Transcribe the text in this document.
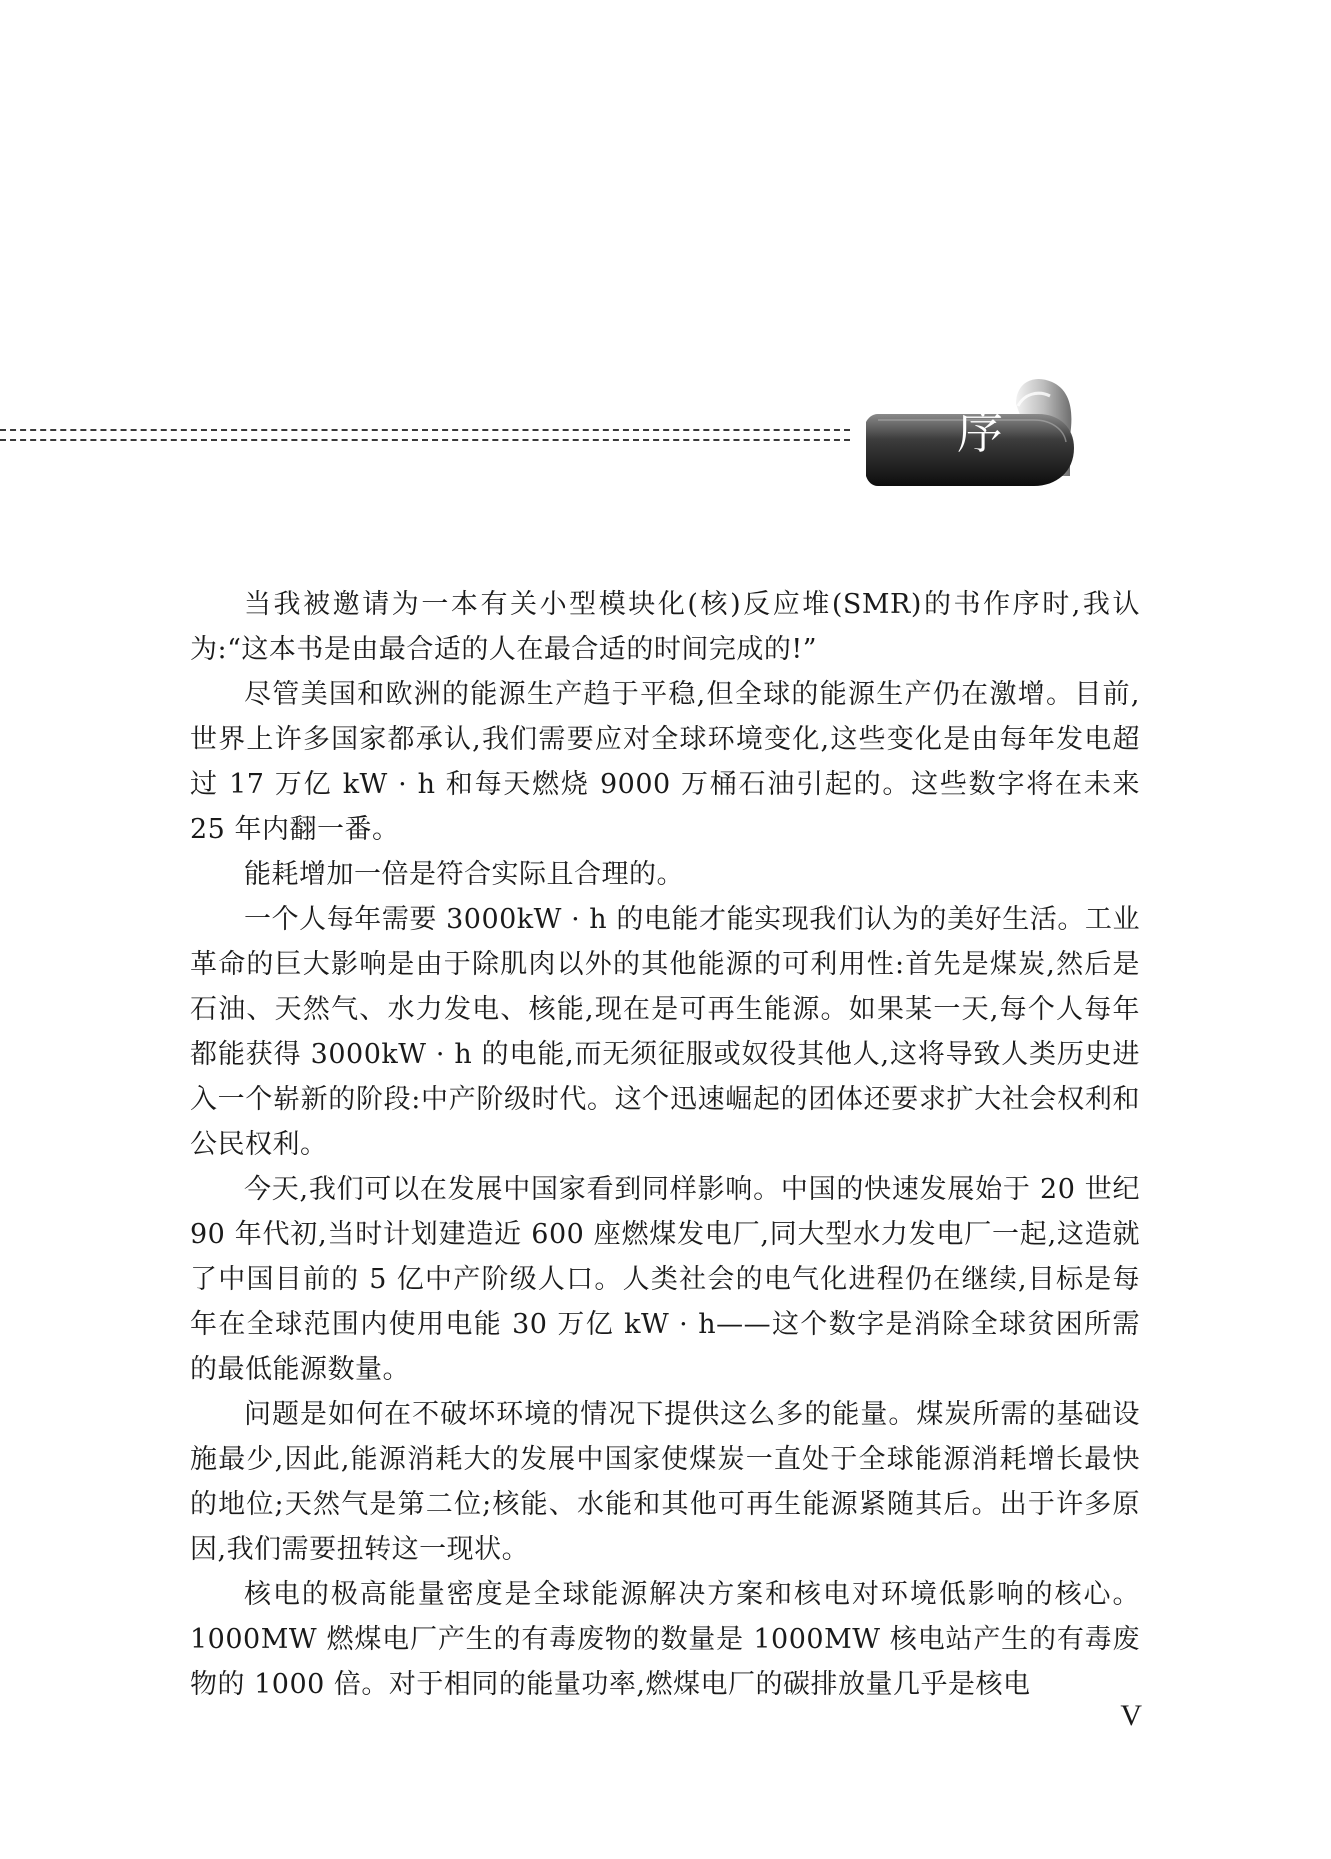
序

当我被邀请为一本有关小型模块化(核)反应堆(SMR)的书作序时,我认为:“这本书是由最合适的人在最合适的时间完成的!”

尽管美国和欧洲的能源生产趋于平稳,但全球的能源生产仍在激增。目前,世界上许多国家都承认,我们需要应对全球环境变化,这些变化是由每年发电超过 17 万亿 kW · h 和每天燃烧 9000 万桶石油引起的。这些数字将在未来 25 年内翻一番。

能耗增加一倍是符合实际且合理的。

一个人每年需要 3000kW · h 的电能才能实现我们认为的美好生活。工业革命的巨大影响是由于除肌肉以外的其他能源的可利用性:首先是煤炭,然后是石油、天然气、水力发电、核能,现在是可再生能源。如果某一天,每个人每年都能获得 3000kW · h 的电能,而无须征服或奴役其他人,这将导致人类历史进入一个崭新的阶段:中产阶级时代。这个迅速崛起的团体还要求扩大社会权利和公民权利。

今天,我们可以在发展中国家看到同样影响。中国的快速发展始于 20 世纪 90 年代初,当时计划建造近 600 座燃煤发电厂,同大型水力发电厂一起,这造就了中国目前的 5 亿中产阶级人口。人类社会的电气化进程仍在继续,目标是每年在全球范围内使用电能 30 万亿 kW · h——这个数字是消除全球贫困所需的最低能源数量。

问题是如何在不破坏环境的情况下提供这么多的能量。煤炭所需的基础设施最少,因此,能源消耗大的发展中国家使煤炭一直处于全球能源消耗增长最快的地位;天然气是第二位;核能、水能和其他可再生能源紧随其后。出于许多原因,我们需要扭转这一现状。

核电的极高能量密度是全球能源解决方案和核电对环境低影响的核心。1000MW 燃煤电厂产生的有毒废物的数量是 1000MW 核电站产生的有毒废物的 1000 倍。对于相同的能量功率,燃煤电厂的碳排放量几乎是核电

V
